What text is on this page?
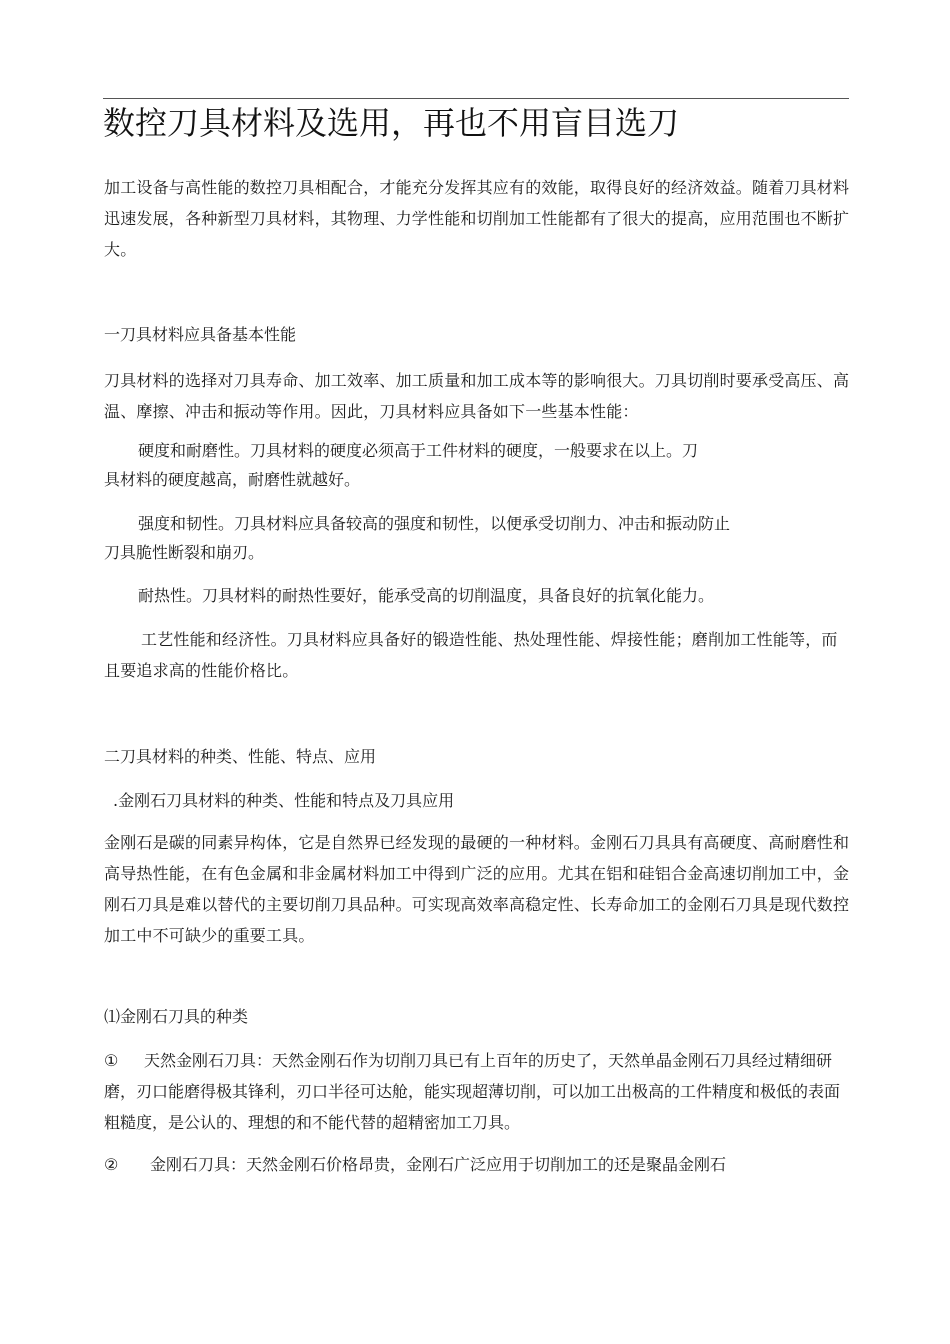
数控刀具材料及选用，再也不用盲目选刀

加工设备与高性能的数控刀具相配合，才能充分发挥其应有的效能，取得良好的经济效益。随着刀具材料迅速发展，各种新型刀具材料，其物理、力学性能和切削加工性能都有了很大的提高，应用范围也不断扩大。

一刀具材料应具备基本性能

刀具材料的选择对刀具寿命、加工效率、加工质量和加工成本等的影响很大。刀具切削时要承受高压、高温、摩擦、冲击和振动等作用。因此，刀具材料应具备如下一些基本性能：

硬度和耐磨性。刀具材料的硬度必须高于工件材料的硬度，一般要求在以上。刀

具材料的硬度越高，耐磨性就越好。

强度和韧性。刀具材料应具备较高的强度和韧性，以便承受切削力、冲击和振动防止

刀具脆性断裂和崩刃。

耐热性。刀具材料的耐热性要好，能承受高的切削温度，具备良好的抗氧化能力。

工艺性能和经济性。刀具材料应具备好的锻造性能、热处理性能、焊接性能；磨削加工性能等，而且要追求高的性能价格比。

二刀具材料的种类、性能、特点、应用

.金刚石刀具材料的种类、性能和特点及刀具应用

金刚石是碳的同素异构体，它是自然界已经发现的最硬的一种材料。金刚石刀具具有高硬度、高耐磨性和高导热性能，在有色金属和非金属材料加工中得到广泛的应用。尤其在铝和硅铝合金高速切削加工中，金刚石刀具是难以替代的主要切削刀具品种。可实现高效率高稳定性、长寿命加工的金刚石刀具是现代数控加工中不可缺少的重要工具。

⑴金刚石刀具的种类

① 天然金刚石刀具：天然金刚石作为切削刀具已有上百年的历史了，天然单晶金刚石刀具经过精细研磨，刃口能磨得极其锋利，刃口半径可达舱，能实现超薄切削，可以加工出极高的工件精度和极低的表面粗糙度，是公认的、理想的和不能代替的超精密加工刀具。

② 金刚石刀具：天然金刚石价格昂贵，金刚石广泛应用于切削加工的还是聚晶金刚石
